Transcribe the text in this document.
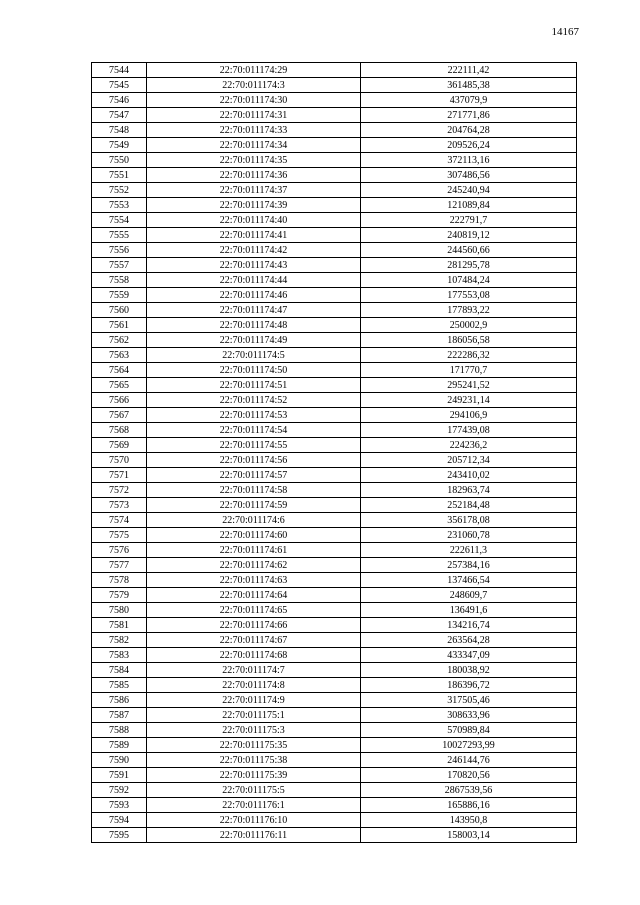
14167
7544	22:70:011174:29	222111,42
7545	22:70:011174:3	361485,38
7546	22:70:011174:30	437079,9
7547	22:70:011174:31	271771,86
7548	22:70:011174:33	204764,28
7549	22:70:011174:34	209526,24
7550	22:70:011174:35	372113,16
7551	22:70:011174:36	307486,56
7552	22:70:011174:37	245240,94
7553	22:70:011174:39	121089,84
7554	22:70:011174:40	222791,7
7555	22:70:011174:41	240819,12
7556	22:70:011174:42	244560,66
7557	22:70:011174:43	281295,78
7558	22:70:011174:44	107484,24
7559	22:70:011174:46	177553,08
7560	22:70:011174:47	177893,22
7561	22:70:011174:48	250002,9
7562	22:70:011174:49	186056,58
7563	22:70:011174:5	222286,32
7564	22:70:011174:50	171770,7
7565	22:70:011174:51	295241,52
7566	22:70:011174:52	249231,14
7567	22:70:011174:53	294106,9
7568	22:70:011174:54	177439,08
7569	22:70:011174:55	224236,2
7570	22:70:011174:56	205712,34
7571	22:70:011174:57	243410,02
7572	22:70:011174:58	182963,74
7573	22:70:011174:59	252184,48
7574	22:70:011174:6	356178,08
7575	22:70:011174:60	231060,78
7576	22:70:011174:61	222611,3
7577	22:70:011174:62	257384,16
7578	22:70:011174:63	137466,54
7579	22:70:011174:64	248609,7
7580	22:70:011174:65	136491,6
7581	22:70:011174:66	134216,74
7582	22:70:011174:67	263564,28
7583	22:70:011174:68	433347,09
7584	22:70:011174:7	180038,92
7585	22:70:011174:8	186396,72
7586	22:70:011174:9	317505,46
7587	22:70:011175:1	308633,96
7588	22:70:011175:3	570989,84
7589	22:70:011175:35	10027293,99
7590	22:70:011175:38	246144,76
7591	22:70:011175:39	170820,56
7592	22:70:011175:5	2867539,56
7593	22:70:011176:1	165886,16
7594	22:70:011176:10	143950,8
7595	22:70:011176:11	158003,14
